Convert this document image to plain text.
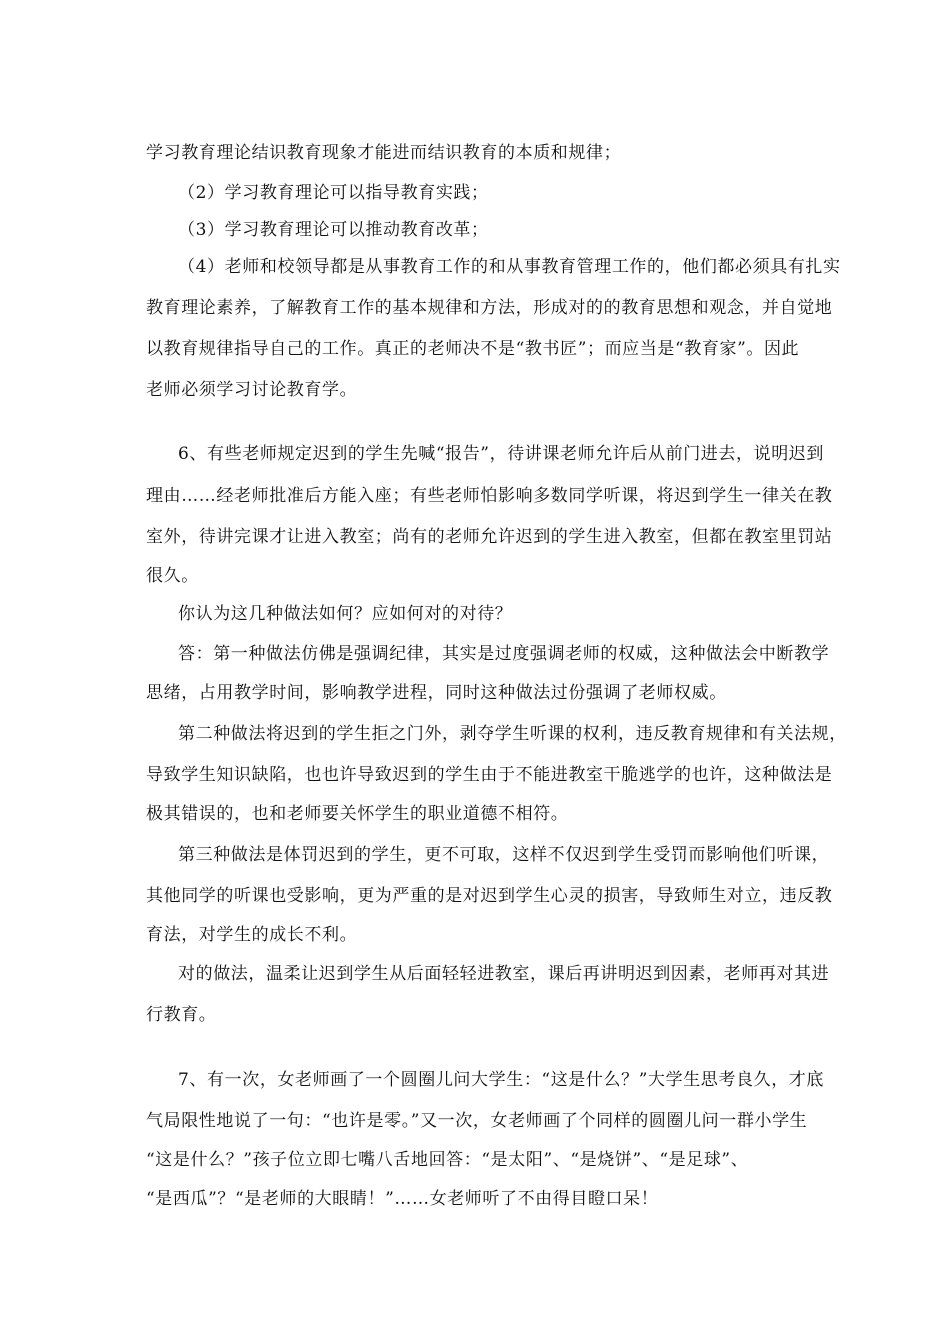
学习教育理论结识教育现象才能进而结识教育的本质和规律；

（2）学习教育理论可以指导教育实践；

（3）学习教育理论可以推动教育改革；

（4）老师和校领导都是从事教育工作的和从事教育管理工作的，他们都必须具有扎实

教育理论素养，了解教育工作的基本规律和方法，形成对的的教育思想和观念，并自觉地

以教育规律指导自己的工作。真正的老师决不是“教书匠”；而应当是“教育家”。因此

老师必须学习讨论教育学。

6、有些老师规定迟到的学生先喊“报告”，待讲课老师允许后从前门进去，说明迟到

理由……经老师批准后方能入座；有些老师怕影响多数同学听课，将迟到学生一律关在教

室外，待讲完课才让进入教室；尚有的老师允许迟到的学生进入教室，但都在教室里罚站

很久。

你认为这几种做法如何？应如何对的对待？

答：第一种做法仿佛是强调纪律，其实是过度强调老师的权威，这种做法会中断教学

思绪，占用教学时间，影响教学进程，同时这种做法过份强调了老师权威。

第二种做法将迟到的学生拒之门外，剥夺学生听课的权利，违反教育规律和有关法规，

导致学生知识缺陷，也也许导致迟到的学生由于不能进教室干脆逃学的也许，这种做法是

极其错误的，也和老师要关怀学生的职业道德不相符。

第三种做法是体罚迟到的学生，更不可取，这样不仅迟到学生受罚而影响他们听课，

其他同学的听课也受影响，更为严重的是对迟到学生心灵的损害，导致师生对立，违反教

育法，对学生的成长不利。

对的做法，温柔让迟到学生从后面轻轻进教室，课后再讲明迟到因素，老师再对其进

行教育。

7、有一次，女老师画了一个圆圈儿问大学生：“这是什么？”大学生思考良久，才底

气局限性地说了一句：“也许是零。”又一次，女老师画了个同样的圆圈儿问一群小学生

“这是什么？”孩子位立即七嘴八舌地回答：“是太阳”、“是烧饼”、“是足球”、

“是西瓜”？“是老师的大眼睛！”……女老师听了不由得目瞪口呆！
